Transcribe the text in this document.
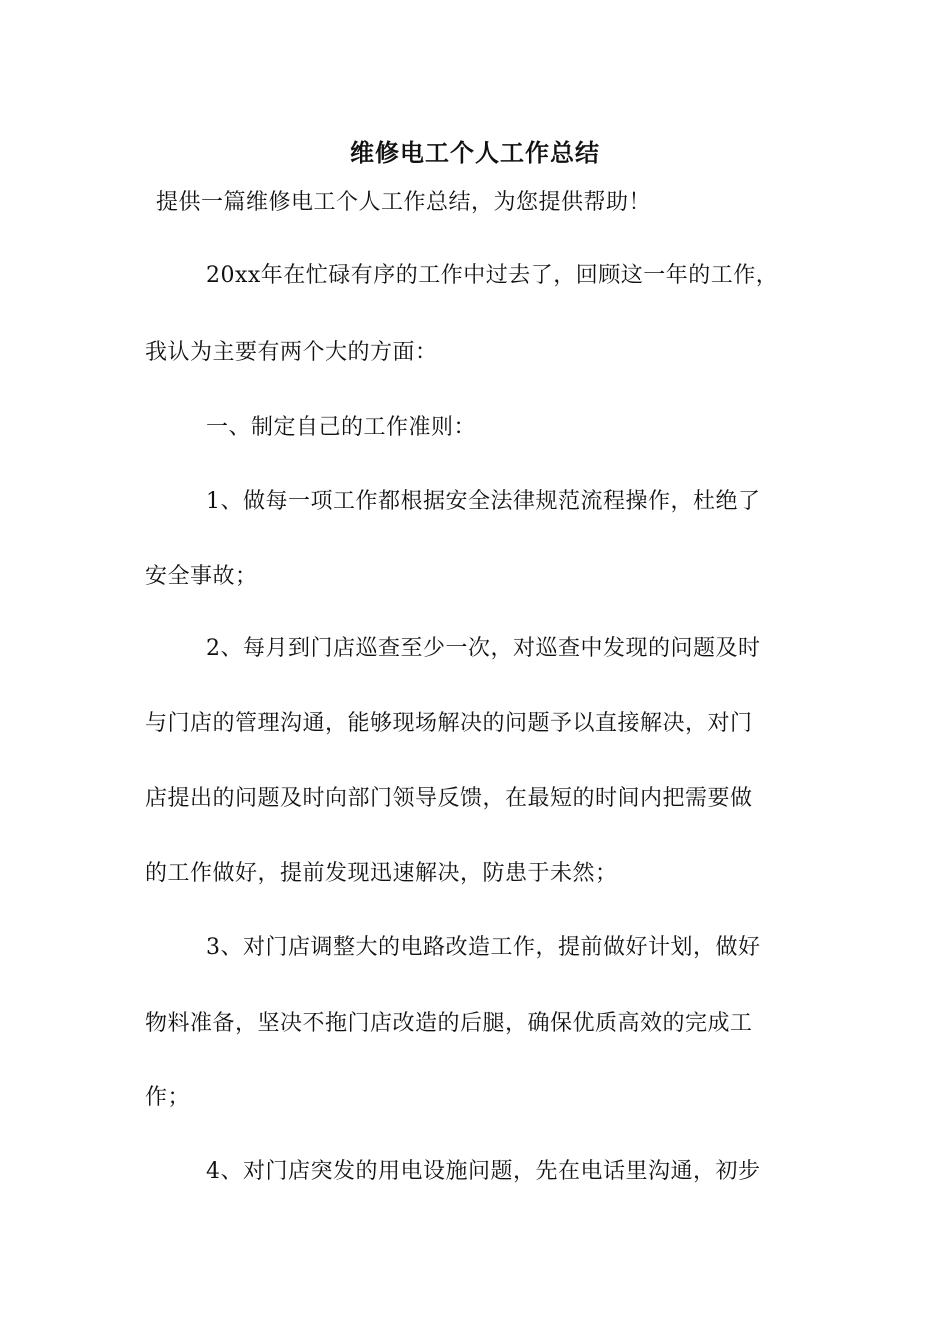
维修电工个人工作总结
提供一篇维修电工个人工作总结，为您提供帮助！
20xx年在忙碌有序的工作中过去了，回顾这一年的工作，
我认为主要有两个大的方面：
一、制定自己的工作准则：
1、做每一项工作都根据安全法律规范流程操作，杜绝了
安全事故；
2、每月到门店巡查至少一次，对巡查中发现的问题及时
与门店的管理沟通，能够现场解决的问题予以直接解决，对门
店提出的问题及时向部门领导反馈，在最短的时间内把需要做
的工作做好，提前发现迅速解决，防患于未然；
3、对门店调整大的电路改造工作，提前做好计划，做好
物料准备，坚决不拖门店改造的后腿，确保优质高效的完成工
作；
4、对门店突发的用电设施问题，先在电话里沟通，初步
